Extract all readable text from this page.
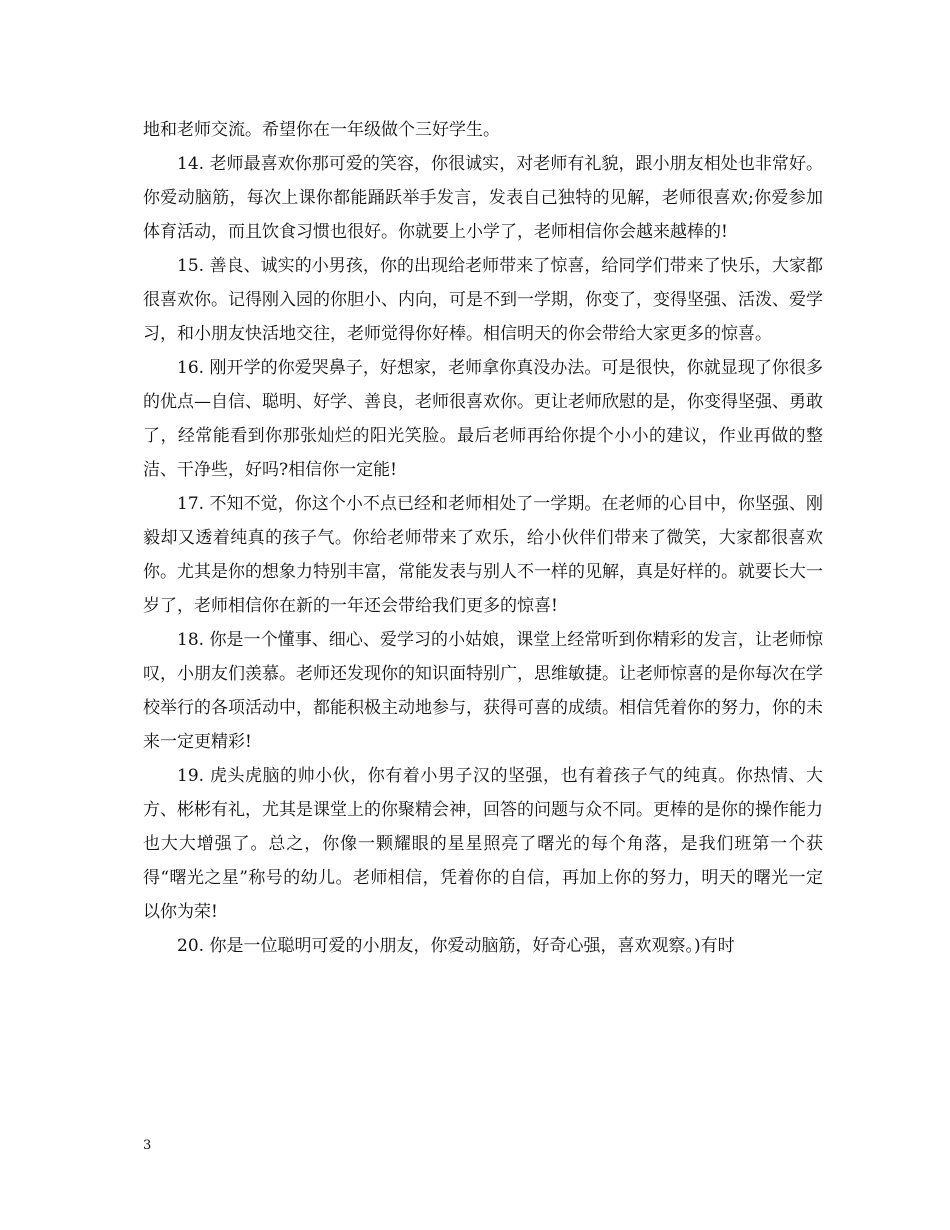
地和老师交流。希望你在一年级做个三好学生。

14. 老师最喜欢你那可爱的笑容，你很诚实，对老师有礼貌，跟小朋友相处也非常好。你爱动脑筋，每次上课你都能踊跃举手发言，发表自己独特的见解，老师很喜欢;你爱参加体育活动，而且饮食习惯也很好。你就要上小学了，老师相信你会越来越棒的!

15. 善良、诚实的小男孩，你的出现给老师带来了惊喜，给同学们带来了快乐，大家都很喜欢你。记得刚入园的你胆小、内向，可是不到一学期，你变了，变得坚强、活泼、爱学习，和小朋友快活地交往，老师觉得你好棒。相信明天的你会带给大家更多的惊喜。

16. 刚开学的你爱哭鼻子，好想家，老师拿你真没办法。可是很快，你就显现了你很多的优点—自信、聪明、好学、善良，老师很喜欢你。更让老师欣慰的是，你变得坚强、勇敢了，经常能看到你那张灿烂的阳光笑脸。最后老师再给你提个小小的建议，作业再做的整洁、干净些，好吗?相信你一定能!

17. 不知不觉，你这个小不点已经和老师相处了一学期。在老师的心目中，你坚强、刚毅却又透着纯真的孩子气。你给老师带来了欢乐，给小伙伴们带来了微笑，大家都很喜欢你。尤其是你的想象力特别丰富，常能发表与别人不一样的见解，真是好样的。就要长大一岁了，老师相信你在新的一年还会带给我们更多的惊喜!

18. 你是一个懂事、细心、爱学习的小姑娘，课堂上经常听到你精彩的发言，让老师惊叹，小朋友们羡慕。老师还发现你的知识面特别广，思维敏捷。让老师惊喜的是你每次在学校举行的各项活动中，都能积极主动地参与，获得可喜的成绩。相信凭着你的努力，你的未来一定更精彩!

19. 虎头虎脑的帅小伙，你有着小男子汉的坚强，也有着孩子气的纯真。你热情、大方、彬彬有礼，尤其是课堂上的你聚精会神，回答的问题与众不同。更棒的是你的操作能力也大大增强了。总之，你像一颗耀眼的星星照亮了曙光的每个角落，是我们班第一个获得“曙光之星”称号的幼儿。老师相信，凭着你的自信，再加上你的努力，明天的曙光一定以你为荣!

20. 你是一位聪明可爱的小朋友，你爱动脑筋，好奇心强，喜欢观察。)有时

3
